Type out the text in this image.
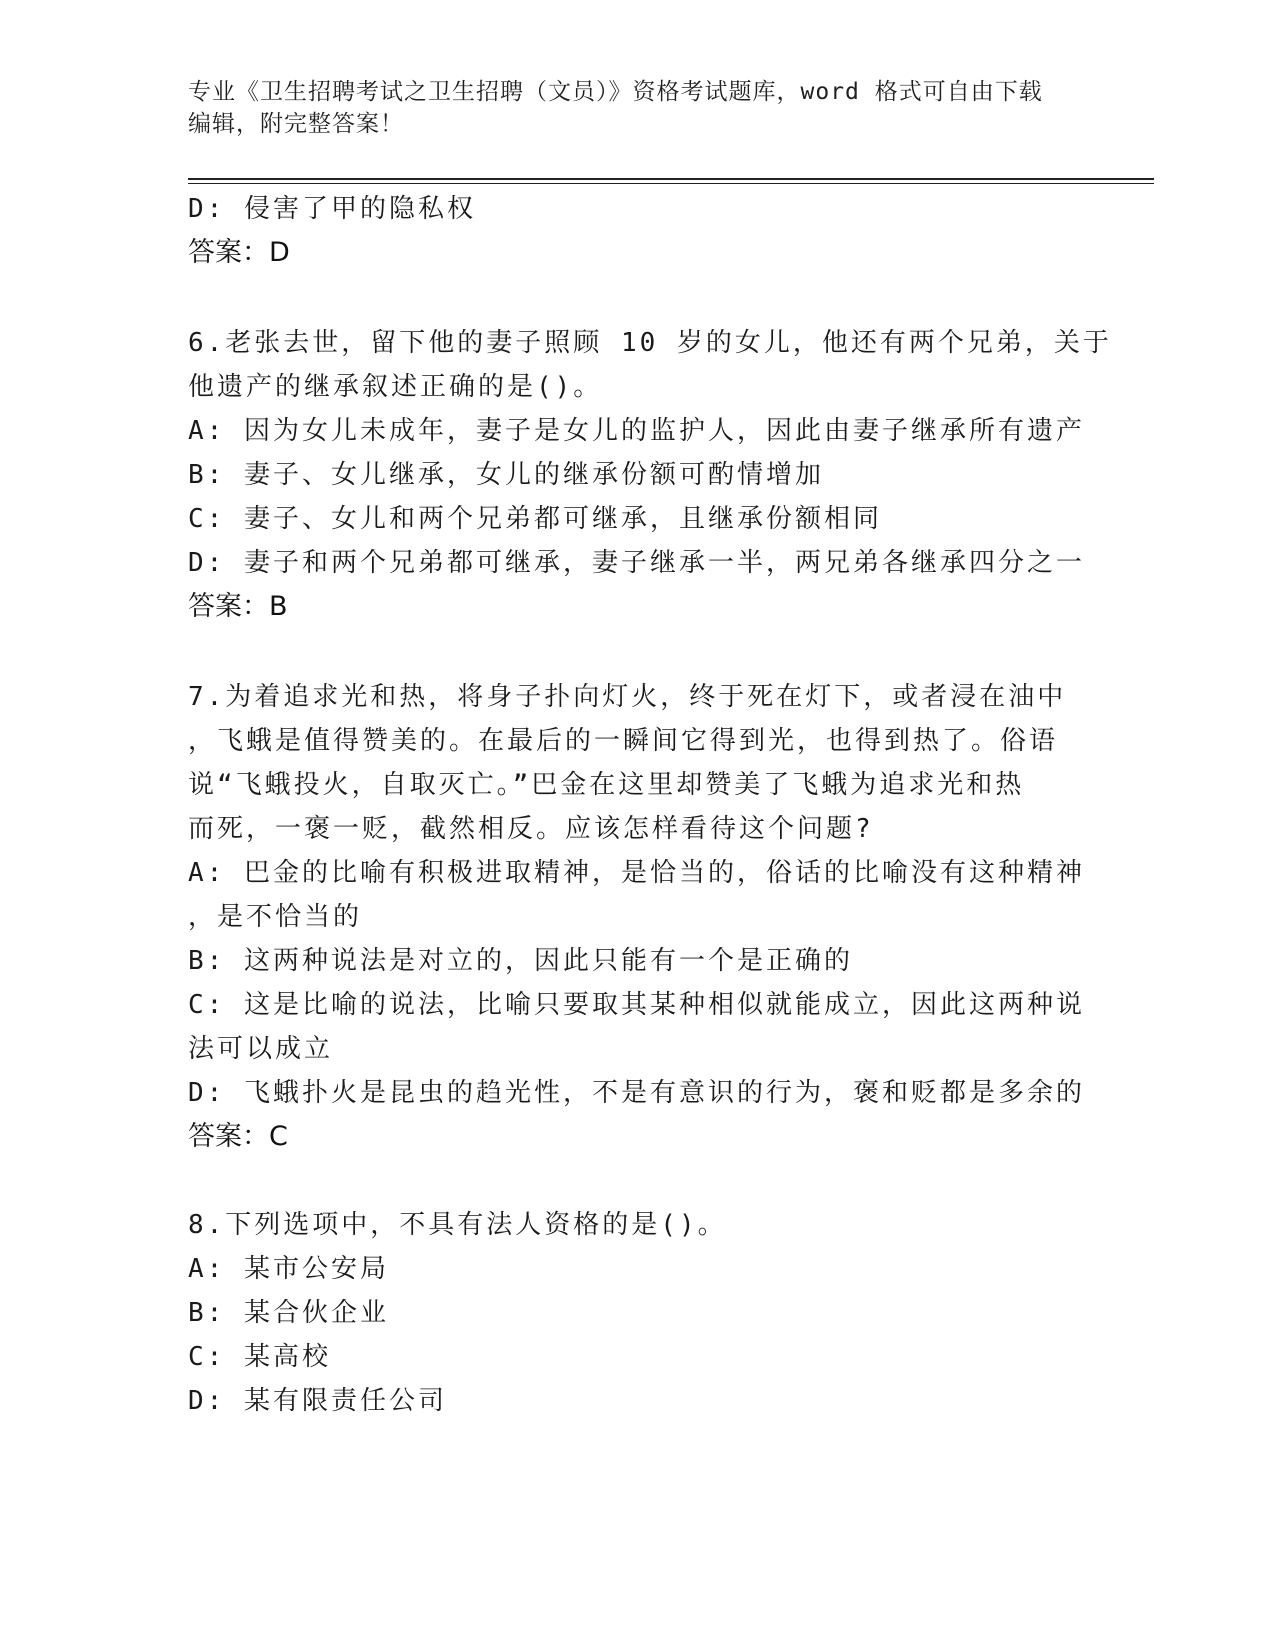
专业《卫生招聘考试之卫生招聘（文员）》资格考试题库，word 格式可自由下载
编辑，附完整答案！
D: 侵害了甲的隐私权
答案：D
6.老张去世，留下他的妻子照顾 10 岁的女儿，他还有两个兄弟，关于
他遗产的继承叙述正确的是()。
A: 因为女儿未成年，妻子是女儿的监护人，因此由妻子继承所有遗产
B: 妻子、女儿继承，女儿的继承份额可酌情增加
C: 妻子、女儿和两个兄弟都可继承，且继承份额相同
D: 妻子和两个兄弟都可继承，妻子继承一半，两兄弟各继承四分之一
答案：B
7.为着追求光和热，将身子扑向灯火，终于死在灯下，或者浸在油中
，飞蛾是值得赞美的。在最后的一瞬间它得到光，也得到热了。俗语
说“飞蛾投火，自取灭亡。”巴金在这里却赞美了飞蛾为追求光和热
而死，一褒一贬，截然相反。应该怎样看待这个问题?
A: 巴金的比喻有积极进取精神，是恰当的，俗话的比喻没有这种精神
，是不恰当的
B: 这两种说法是对立的，因此只能有一个是正确的
C: 这是比喻的说法，比喻只要取其某种相似就能成立，因此这两种说
法可以成立
D: 飞蛾扑火是昆虫的趋光性，不是有意识的行为，褒和贬都是多余的
答案：C
8.下列选项中，不具有法人资格的是()。
A: 某市公安局
B: 某合伙企业
C: 某高校
D: 某有限责任公司
